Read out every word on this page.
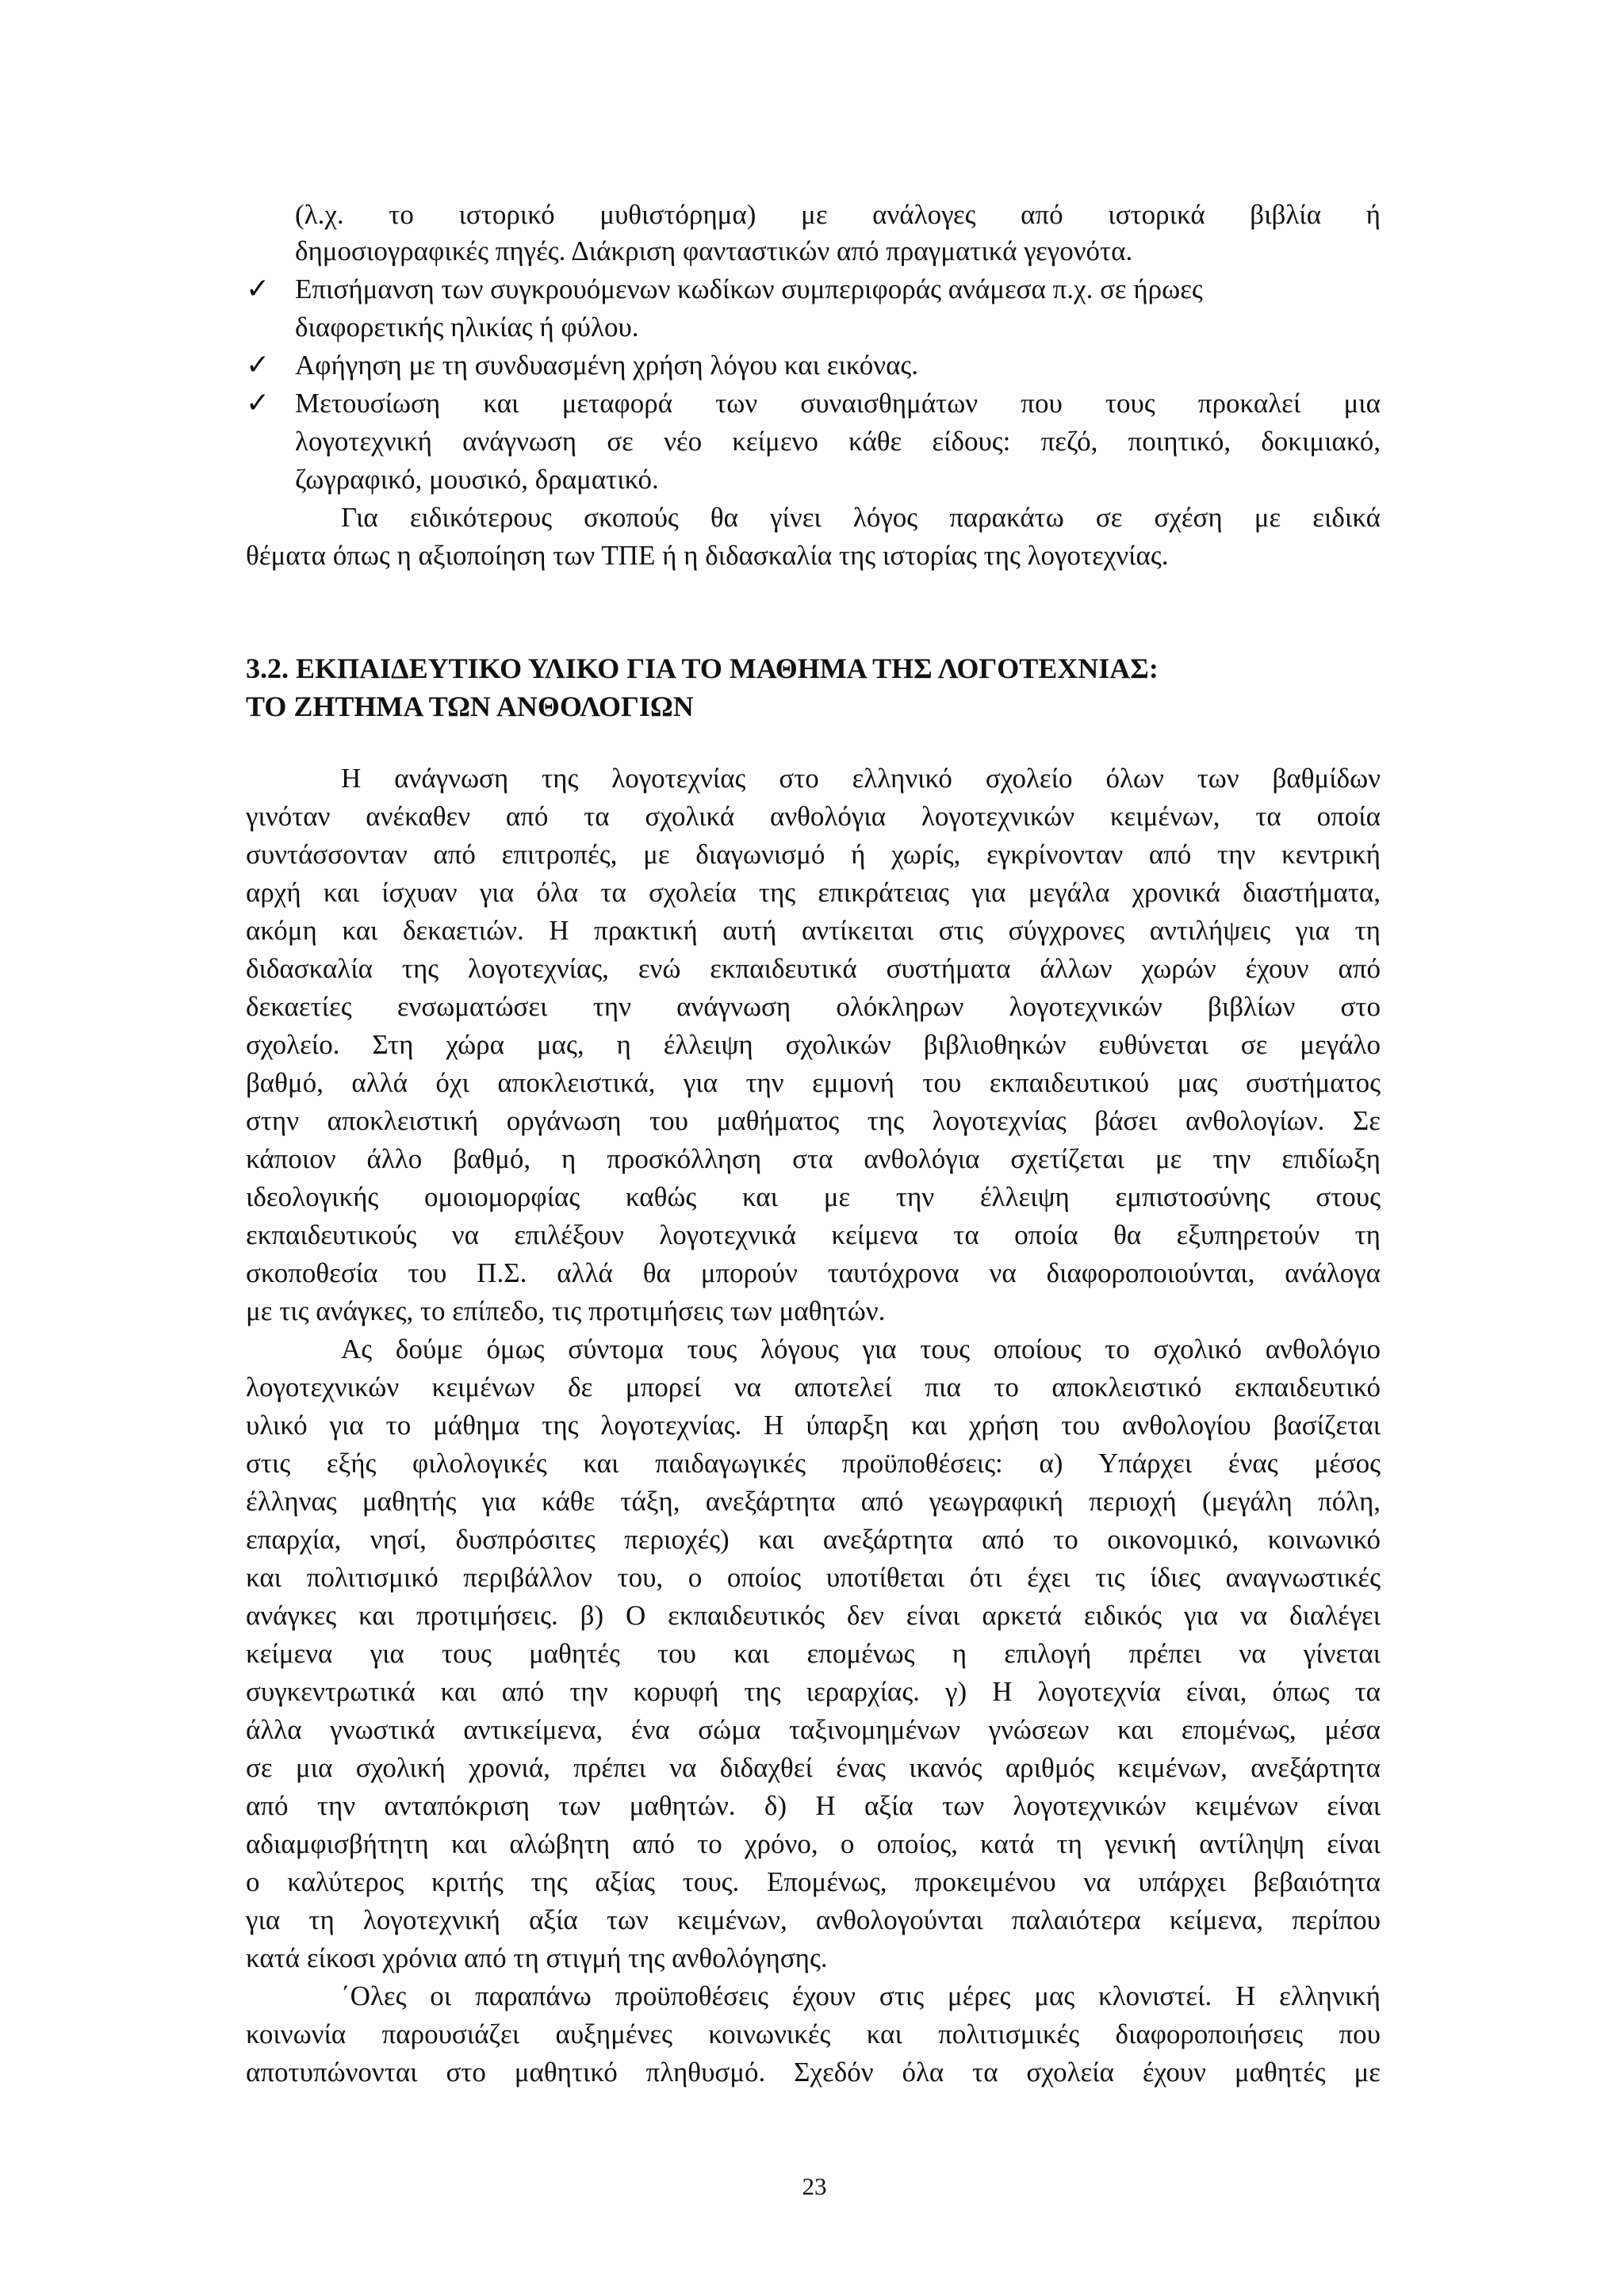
(λ.χ. το ιστορικό μυθιστόρημα) με ανάλογες από ιστορικά βιβλία ή
δημοσιογραφικές πηγές. Διάκριση φανταστικών από πραγματικά γεγονότα.
✓ Επισήμανση των συγκρουόμενων κωδίκων συμπεριφοράς ανάμεσα π.χ. σε ήρωες
διαφορετικής ηλικίας ή φύλου.
✓ Αφήγηση με τη συνδυασμένη χρήση λόγου και εικόνας.
✓ Μετουσίωση και μεταφορά των συναισθημάτων που τους προκαλεί μια
λογοτεχνική ανάγνωση σε νέο κείμενο κάθε είδους: πεζό, ποιητικό, δοκιμιακό,
ζωγραφικό, μουσικό, δραματικό.
Για ειδικότερους σκοπούς θα γίνει λόγος παρακάτω σε σχέση με ειδικά
θέματα όπως η αξιοποίηση των ΤΠΕ ή η διδασκαλία της ιστορίας της λογοτεχνίας.
3.2. ΕΚΠΑΙΔΕΥΤΙΚΟ ΥΛΙΚΟ ΓΙΑ ΤΟ ΜΑΘΗΜΑ ΤΗΣ ΛΟΓΟΤΕΧΝΙΑΣ:
ΤΟ ΖΗΤΗΜΑ ΤΩΝ ΑΝΘΟΛΟΓΙΩΝ
Η ανάγνωση της λογοτεχνίας στο ελληνικό σχολείο όλων των βαθμίδων
γινόταν ανέκαθεν από τα σχολικά ανθολόγια λογοτεχνικών κειμένων, τα οποία
συντάσσονταν από επιτροπές, με διαγωνισμό ή χωρίς, εγκρίνονταν από την κεντρική
αρχή και ίσχυαν για όλα τα σχολεία της επικράτειας για μεγάλα χρονικά διαστήματα,
ακόμη και δεκαετιών. Η πρακτική αυτή αντίκειται στις σύγχρονες αντιλήψεις για τη
διδασκαλία της λογοτεχνίας, ενώ εκπαιδευτικά συστήματα άλλων χωρών έχουν από
δεκαετίες ενσωματώσει την ανάγνωση ολόκληρων λογοτεχνικών βιβλίων στο
σχολείο. Στη χώρα μας, η έλλειψη σχολικών βιβλιοθηκών ευθύνεται σε μεγάλο
βαθμό, αλλά όχι αποκλειστικά, για την εμμονή του εκπαιδευτικού μας συστήματος
στην αποκλειστική οργάνωση του μαθήματος της λογοτεχνίας βάσει ανθολογίων. Σε
κάποιον άλλο βαθμό, η προσκόλληση στα ανθολόγια σχετίζεται με την επιδίωξη
ιδεολογικής ομοιομορφίας καθώς και με την έλλειψη εμπιστοσύνης στους
εκπαιδευτικούς να επιλέξουν λογοτεχνικά κείμενα τα οποία θα εξυπηρετούν τη
σκοποθεσία του Π.Σ. αλλά θα μπορούν ταυτόχρονα να διαφοροποιούνται, ανάλογα
με τις ανάγκες, το επίπεδο, τις προτιμήσεις των μαθητών.
Ας δούμε όμως σύντομα τους λόγους για τους οποίους το σχολικό ανθολόγιο
λογοτεχνικών κειμένων δε μπορεί να αποτελεί πια το αποκλειστικό εκπαιδευτικό
υλικό για το μάθημα της λογοτεχνίας. Η ύπαρξη και χρήση του ανθολογίου βασίζεται
στις εξής φιλολογικές και παιδαγωγικές προϋποθέσεις: α) Υπάρχει ένας μέσος
έλληνας μαθητής για κάθε τάξη, ανεξάρτητα από γεωγραφική περιοχή (μεγάλη πόλη,
επαρχία, νησί, δυσπρόσιτες περιοχές) και ανεξάρτητα από το οικονομικό, κοινωνικό
και πολιτισμικό περιβάλλον του, ο οποίος υποτίθεται ότι έχει τις ίδιες αναγνωστικές
ανάγκες και προτιμήσεις. β) Ο εκπαιδευτικός δεν είναι αρκετά ειδικός για να διαλέγει
κείμενα για τους μαθητές του και επομένως η επιλογή πρέπει να γίνεται
συγκεντρωτικά και από την κορυφή της ιεραρχίας. γ) Η λογοτεχνία είναι, όπως τα
άλλα γνωστικά αντικείμενα, ένα σώμα ταξινομημένων γνώσεων και επομένως, μέσα
σε μια σχολική χρονιά, πρέπει να διδαχθεί ένας ικανός αριθμός κειμένων, ανεξάρτητα
από την ανταπόκριση των μαθητών. δ) Η αξία των λογοτεχνικών κειμένων είναι
αδιαμφισβήτητη και αλώβητη από το χρόνο, ο οποίος, κατά τη γενική αντίληψη είναι
ο καλύτερος κριτής της αξίας τους. Επομένως, προκειμένου να υπάρχει βεβαιότητα
για τη λογοτεχνική αξία των κειμένων, ανθολογούνται παλαιότερα κείμενα, περίπου
κατά είκοσι χρόνια από τη στιγμή της ανθολόγησης.
΄Ολες οι παραπάνω προϋποθέσεις έχουν στις μέρες μας κλονιστεί. Η ελληνική
κοινωνία παρουσιάζει αυξημένες κοινωνικές και πολιτισμικές διαφοροποιήσεις που
αποτυπώνονται στο μαθητικό πληθυσμό. Σχεδόν όλα τα σχολεία έχουν μαθητές με
23
